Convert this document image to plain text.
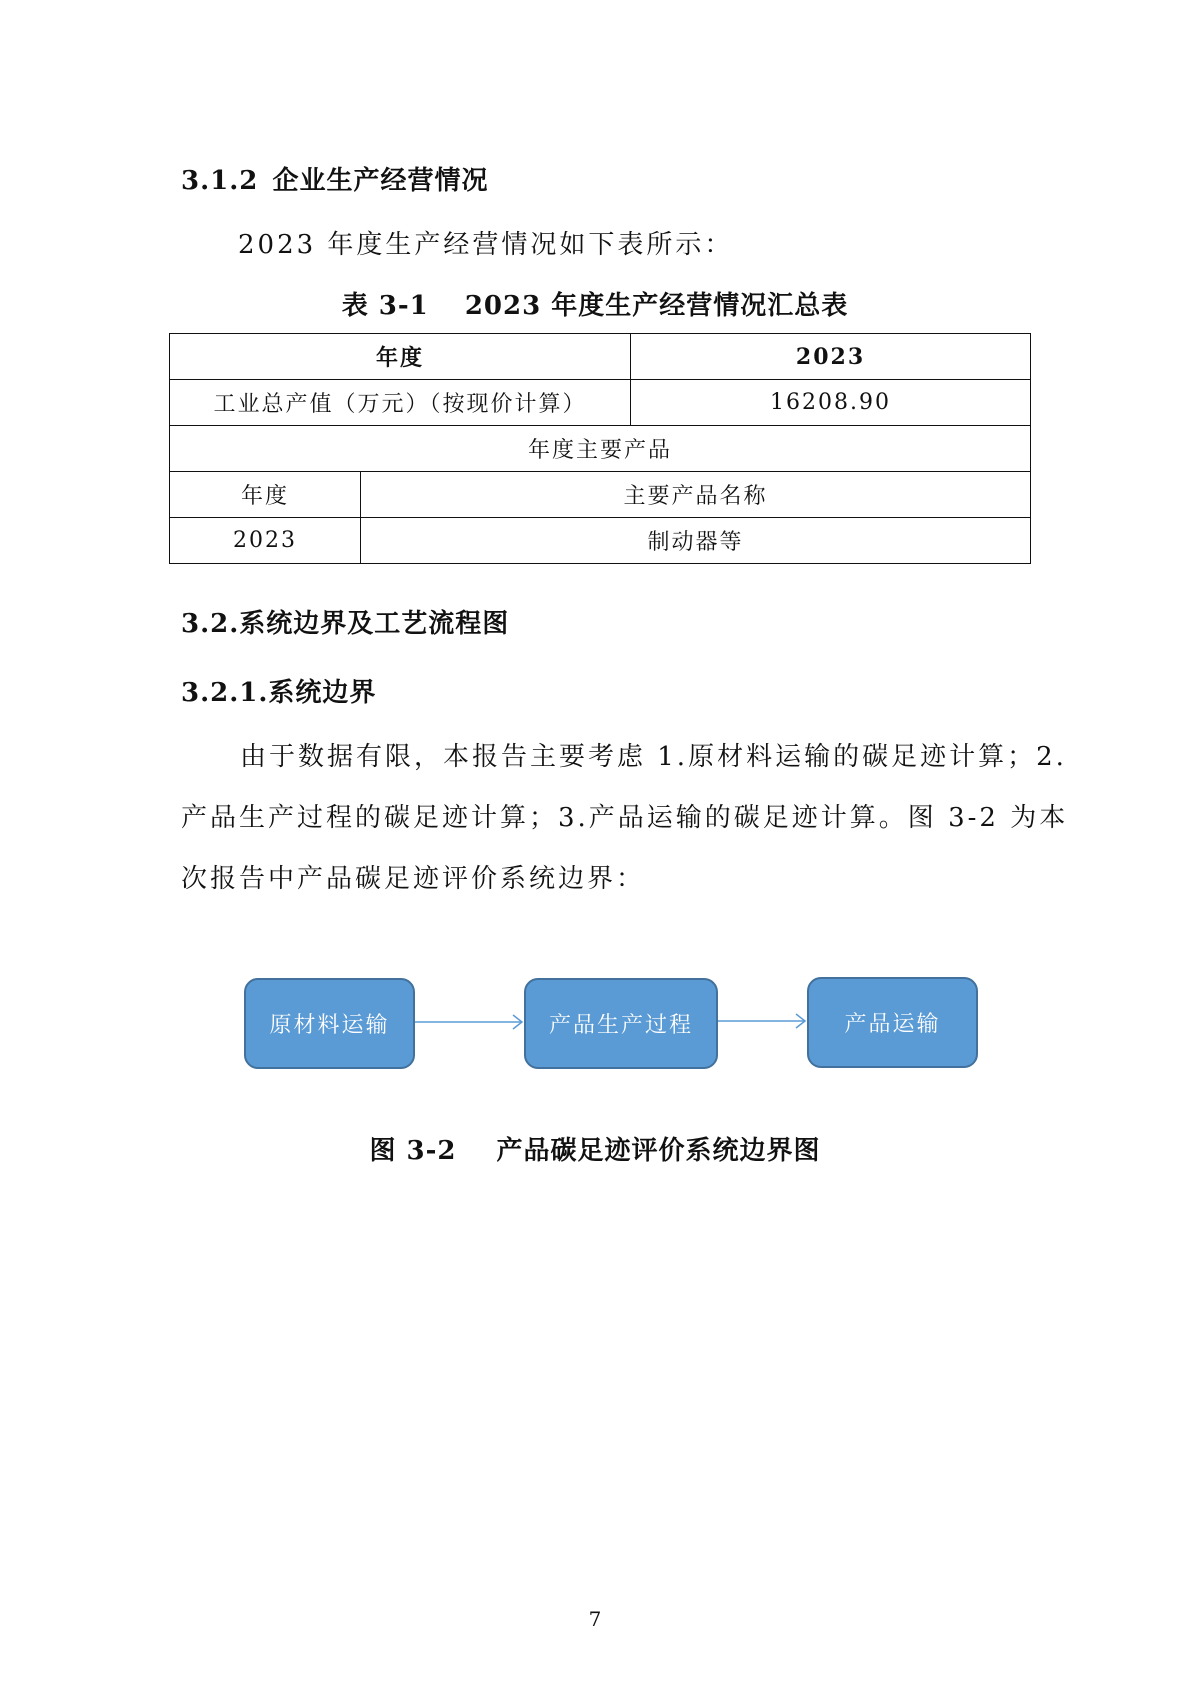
3.1.2 企业生产经营情况
2023 年度生产经营情况如下表所示：
表 3-1 2023 年度生产经营情况汇总表
年度		2023
工业总产值（万元）（按现价计算）		16208.90
年度主要产品		
年度	主要产品名称	
2023	制动器等	
3.2.系统边界及工艺流程图
3.2.1.系统边界
由于数据有限，本报告主要考虑 1.原材料运输的碳足迹计算；2.
产品生产过程的碳足迹计算；3.产品运输的碳足迹计算。图 3-2 为本
次报告中产品碳足迹评价系统边界：
原材料运输	产品生产过程	产品运输
图 3-2 产品碳足迹评价系统边界图
7
